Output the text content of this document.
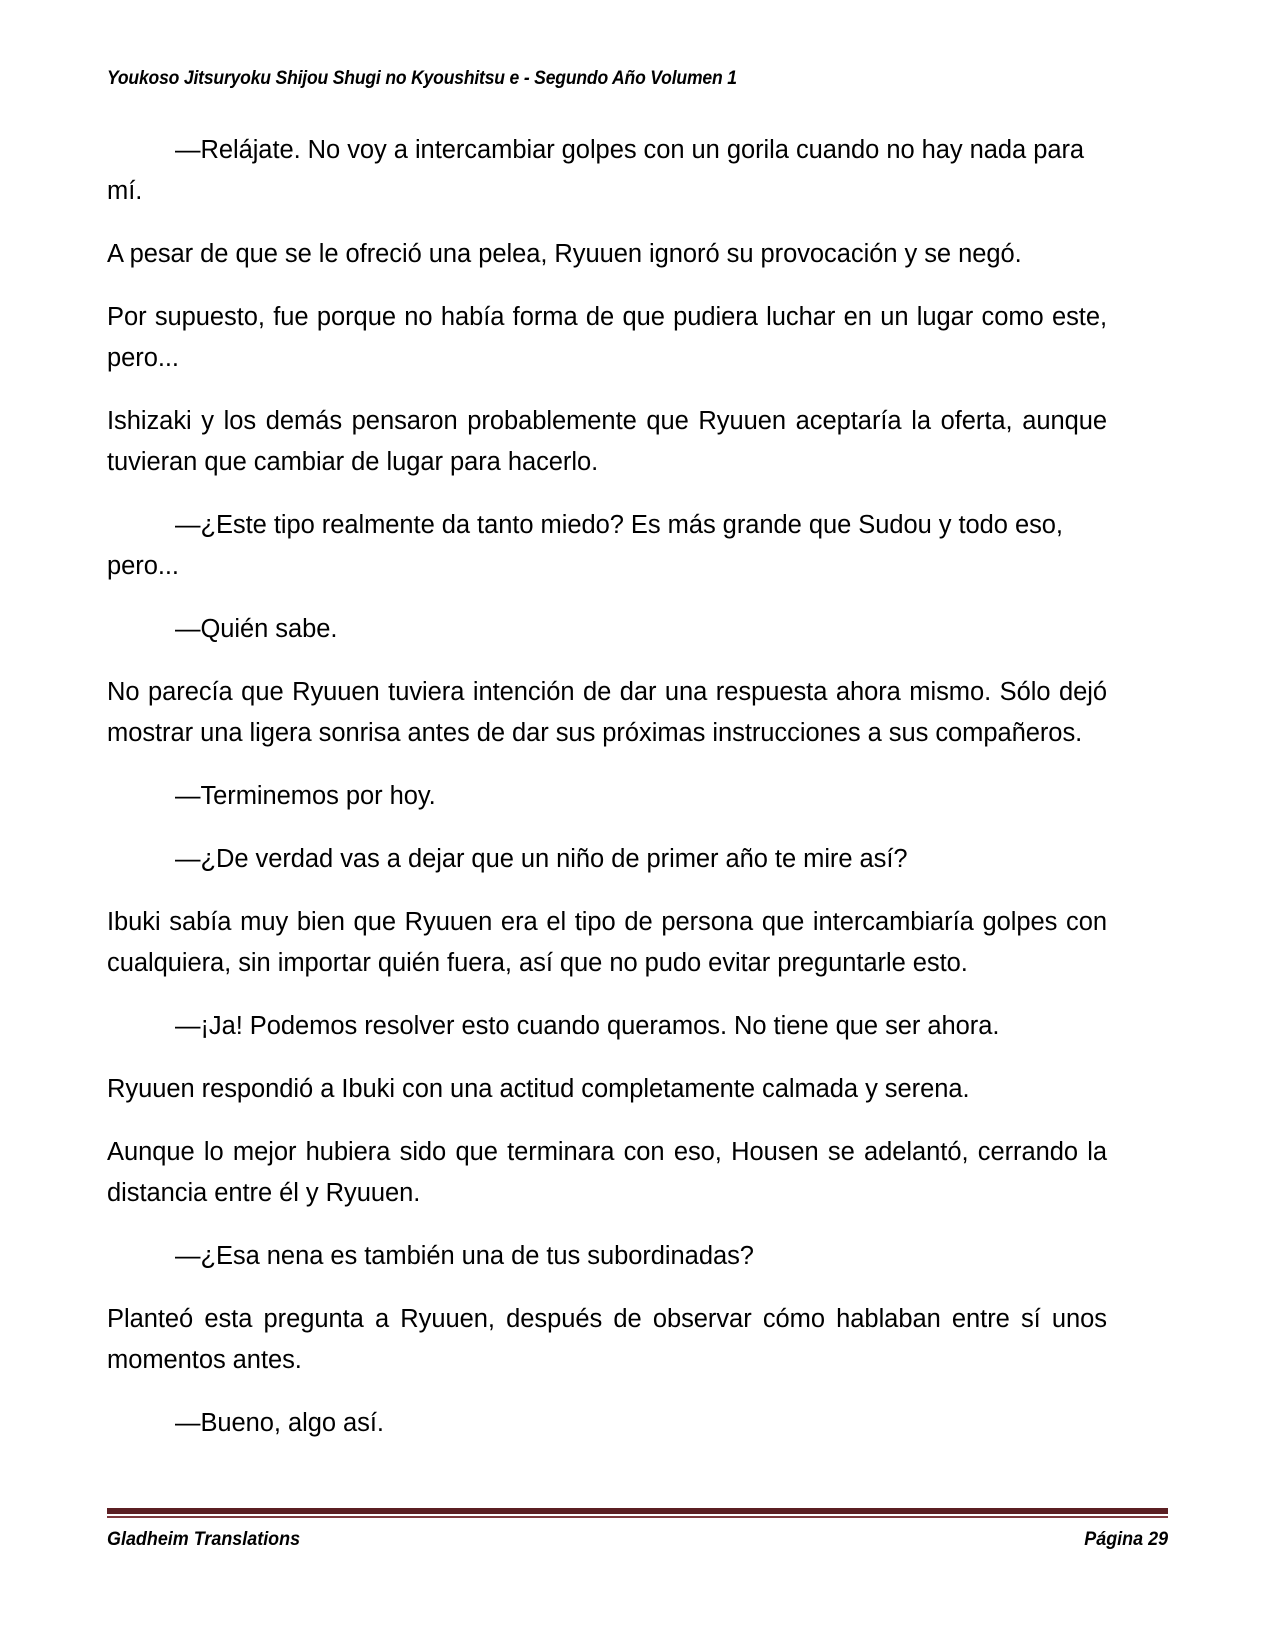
Youkoso Jitsuryoku Shijou Shugi no Kyoushitsu e - Segundo Año Volumen 1

—Relájate. No voy a intercambiar golpes con un gorila cuando no hay nada para mí.

A pesar de que se le ofreció una pelea, Ryuuen ignoró su provocación y se negó.

Por supuesto, fue porque no había forma de que pudiera luchar en un lugar como este, pero...

Ishizaki y los demás pensaron probablemente que Ryuuen aceptaría la oferta, aunque tuvieran que cambiar de lugar para hacerlo.

—¿Este tipo realmente da tanto miedo? Es más grande que Sudou y todo eso, pero...

—Quién sabe.

No parecía que Ryuuen tuviera intención de dar una respuesta ahora mismo. Sólo dejó mostrar una ligera sonrisa antes de dar sus próximas instrucciones a sus compañeros.

—Terminemos por hoy.

—¿De verdad vas a dejar que un niño de primer año te mire así?

Ibuki sabía muy bien que Ryuuen era el tipo de persona que intercambiaría golpes con cualquiera, sin importar quién fuera, así que no pudo evitar preguntarle esto.

—¡Ja! Podemos resolver esto cuando queramos. No tiene que ser ahora.

Ryuuen respondió a Ibuki con una actitud completamente calmada y serena.

Aunque lo mejor hubiera sido que terminara con eso, Housen se adelantó, cerrando la distancia entre él y Ryuuen.

—¿Esa nena es también una de tus subordinadas?

Planteó esta pregunta a Ryuuen, después de observar cómo hablaban entre sí unos momentos antes.

—Bueno, algo así.

Gladheim Translations	Página 29
